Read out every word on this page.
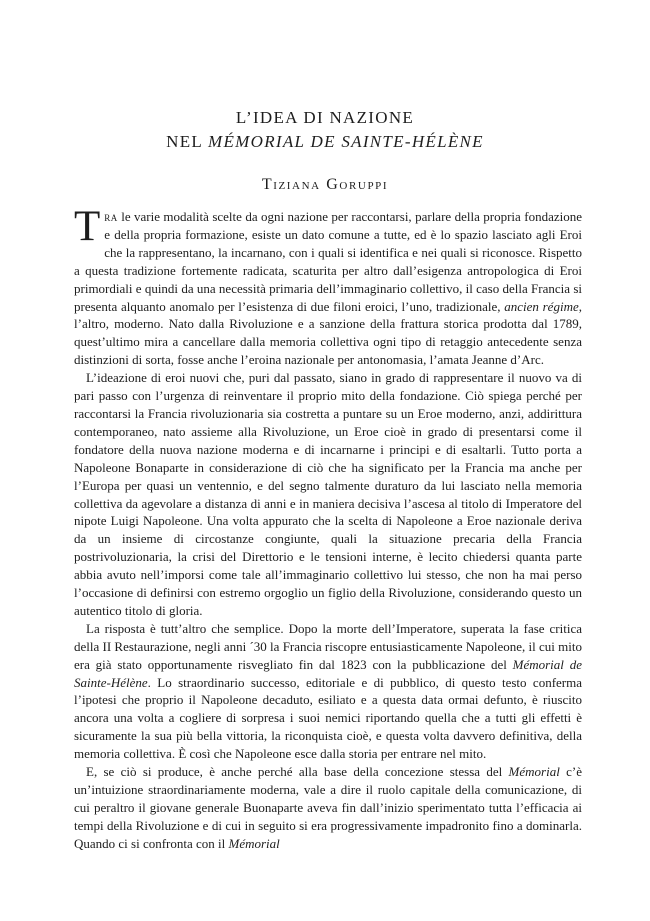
L’IDEA DI NAZIONE
NEL MÉMORIAL DE SAINTE-HÉLÈNE
Tiziana Goruppi

Tra le varie modalità scelte da ogni nazione per raccontarsi, parlare della propria fondazione e della propria formazione, esiste un dato comune a tutte, ed è lo spazio lasciato agli Eroi che la rappresentano, la incarnano, con i quali si identifica e nei quali si riconosce. Rispetto a questa tradizione fortemente radicata, scaturita per altro dall’esigenza antropologica di Eroi primordiali e quindi da una necessità primaria dell’immaginario collettivo, il caso della Francia si presenta alquanto anomalo per l’esistenza di due filoni eroici, l’uno, tradizionale, ancien régime, l’altro, moderno. Nato dalla Rivoluzione e a sanzione della frattura storica prodotta dal 1789, quest’ultimo mira a cancellare dalla memoria collettiva ogni tipo di retaggio antecedente senza distinzioni di sorta, fosse anche l’eroina nazionale per antonomasia, l’amata Jeanne d’Arc.

L’ideazione di eroi nuovi che, puri dal passato, siano in grado di rappresentare il nuovo va di pari passo con l’urgenza di reinventare il proprio mito della fondazione. Ciò spiega perché per raccontarsi la Francia rivoluzionaria sia costretta a puntare su un Eroe moderno, anzi, addirittura contemporaneo, nato assieme alla Rivoluzione, un Eroe cioè in grado di presentarsi come il fondatore della nuova nazione moderna e di incarnarne i principi e di esaltarli. Tutto porta a Napoleone Bonaparte in considerazione di ciò che ha significato per la Francia ma anche per l’Europa per quasi un ventennio, e del segno talmente duraturo da lui lasciato nella memoria collettiva da agevolare a distanza di anni e in maniera decisiva l’ascesa al titolo di Imperatore del nipote Luigi Napoleone. Una volta appurato che la scelta di Napoleone a Eroe nazionale deriva da un insieme di circostanze congiunte, quali la situazione precaria della Francia postrivoluzionaria, la crisi del Direttorio e le tensioni interne, è lecito chiedersi quanta parte abbia avuto nell’imporsi come tale all’immaginario collettivo lui stesso, che non ha mai perso l’occasione di definirsi con estremo orgoglio un figlio della Rivoluzione, considerando questo un autentico titolo di gloria.

La risposta è tutt’altro che semplice. Dopo la morte dell’Imperatore, superata la fase critica della II Restaurazione, negli anni ´30 la Francia riscopre entusiasticamente Napoleone, il cui mito era già stato opportunamente risvegliato fin dal 1823 con la pubblicazione del Mémorial de Sainte-Hélène. Lo straordinario successo, editoriale e di pubblico, di questo testo conferma l’ipotesi che proprio il Napoleone decaduto, esiliato e a questa data ormai defunto, è riuscito ancora una volta a cogliere di sorpresa i suoi nemici riportando quella che a tutti gli effetti è sicuramente la sua più bella vittoria, la riconquista cioè, e questa volta davvero definitiva, della memoria collettiva. È così che Napoleone esce dalla storia per entrare nel mito.

E, se ciò si produce, è anche perché alla base della concezione stessa del Mémorial c’è un’intuizione straordinariamente moderna, vale a dire il ruolo capitale della comunicazione, di cui peraltro il giovane generale Buonaparte aveva fin dall’inizio sperimentato tutta l’efficacia ai tempi della Rivoluzione e di cui in seguito si era progressivamente impadronito fino a dominarla. Quando ci si confronta con il Mémorial
